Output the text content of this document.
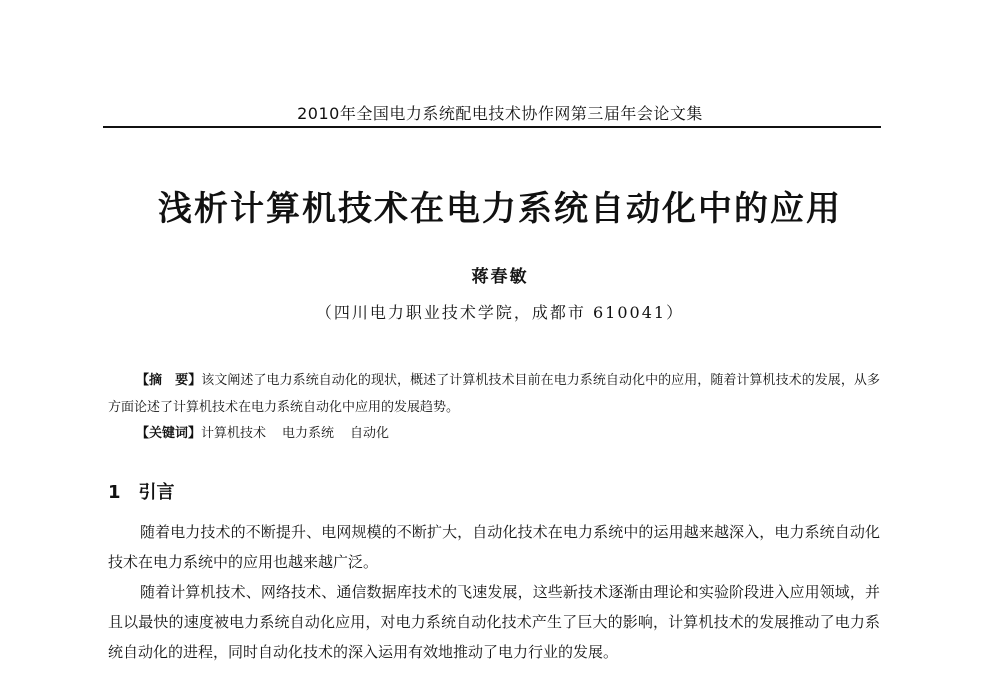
2010年全国电力系统配电技术协作网第三届年会论文集
浅析计算机技术在电力系统自动化中的应用
蒋春敏
（四川电力职业技术学院，成都市 610041）
【摘　要】该文阐述了电力系统自动化的现状，概述了计算机技术目前在电力系统自动化中的应用，随着计算机技术的发展，从多方面论述了计算机技术在电力系统自动化中应用的发展趋势。
【关键词】计算机技术 电力系统 自动化
1 引言

随着电力技术的不断提升、电网规模的不断扩大，自动化技术在电力系统中的运用越来越深入，电力系统自动化技术在电力系统中的应用也越来越广泛。

随着计算机技术、网络技术、通信数据库技术的飞速发展，这些新技术逐渐由理论和实验阶段进入应用领域，并且以最快的速度被电力系统自动化应用，对电力系统自动化技术产生了巨大的影响，计算机技术的发展推动了电力系统自动化的进程，同时自动化技术的深入运用有效地推动了电力行业的发展。
